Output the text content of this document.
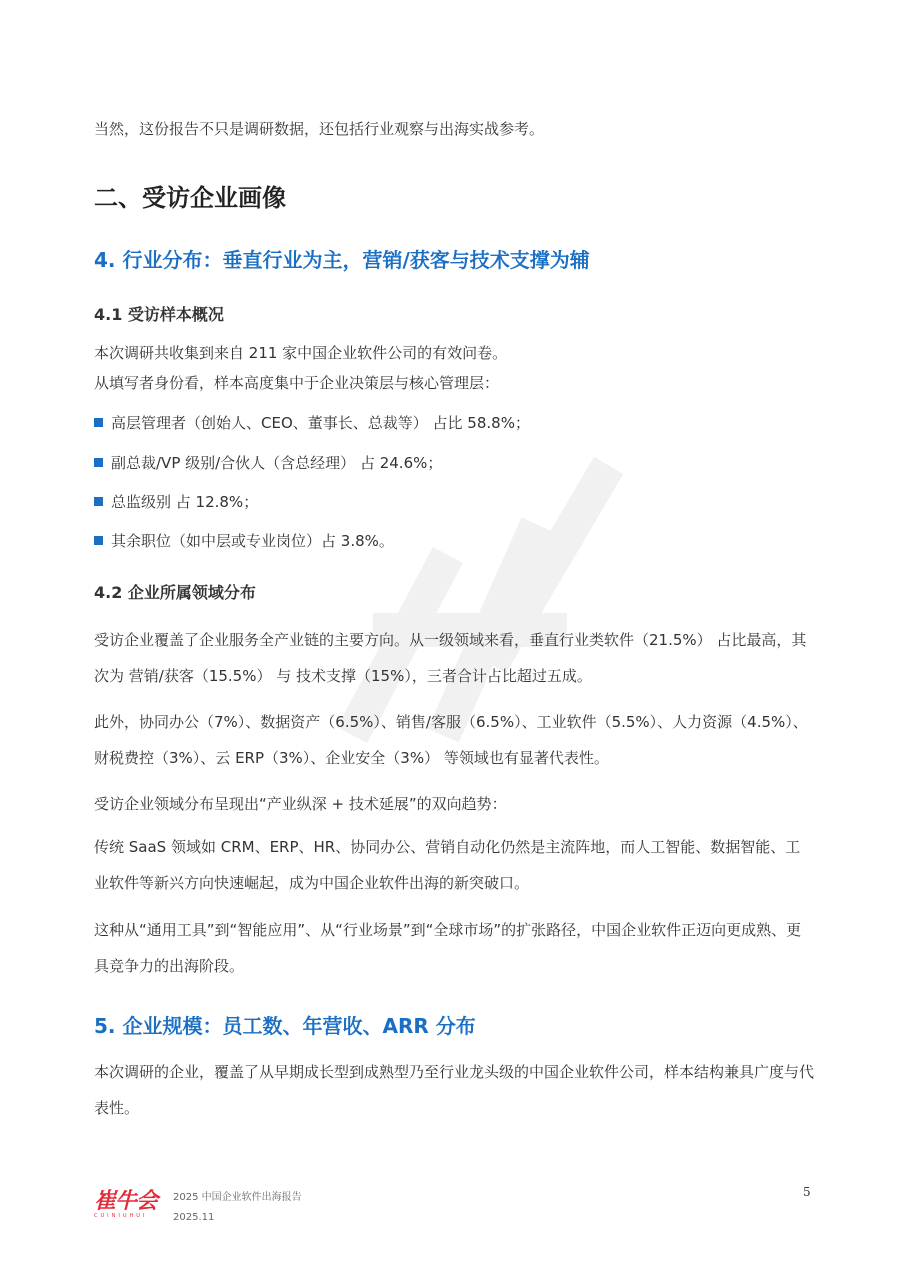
当然，这份报告不只是调研数据，还包括行业观察与出海实战参考。

二、受访企业画像
4. 行业分布：垂直行业为主，营销/获客与技术支撑为辅
4.1 受访样本概况

本次调研共收集到来自 211 家中国企业软件公司的有效问卷。

从填写者身份看，样本高度集中于企业决策层与核心管理层：

高层管理者（创始人、CEO、董事长、总裁等） 占比 58.8%；
副总裁/VP 级别/合伙人（含总经理） 占 24.6%；
总监级别 占 12.8%；
其余职位（如中层或专业岗位）占 3.8%。
4.2 企业所属领域分布

受访企业覆盖了企业服务全产业链的主要方向。从一级领域来看，垂直行业类软件（21.5%） 占比最高，其次为 营销/获客（15.5%） 与 技术支撑（15%），三者合计占比超过五成。

此外，协同办公（7%）、数据资产（6.5%）、销售/客服（6.5%）、工业软件（5.5%）、人力资源（4.5%）、财税费控（3%）、云 ERP（3%）、企业安全（3%） 等领域也有显著代表性。

受访企业领域分布呈现出“产业纵深 + 技术延展”的双向趋势：

传统 SaaS 领域如 CRM、ERP、HR、协同办公、营销自动化仍然是主流阵地，而人工智能、数据智能、工业软件等新兴方向快速崛起，成为中国企业软件出海的新突破口。

这种从“通用工具”到“智能应用”、从“行业场景”到“全球市场”的扩张路径，中国企业软件正迈向更成熟、更具竞争力的出海阶段。

5. 企业规模：员工数、年营收、ARR 分布

本次调研的企业，覆盖了从早期成长型到成熟型乃至行业龙头级的中国企业软件公司，样本结构兼具广度与代表性。

崔牛会
CUINIUHUI
2025 中国企业软件出海报告
2025.11
5
